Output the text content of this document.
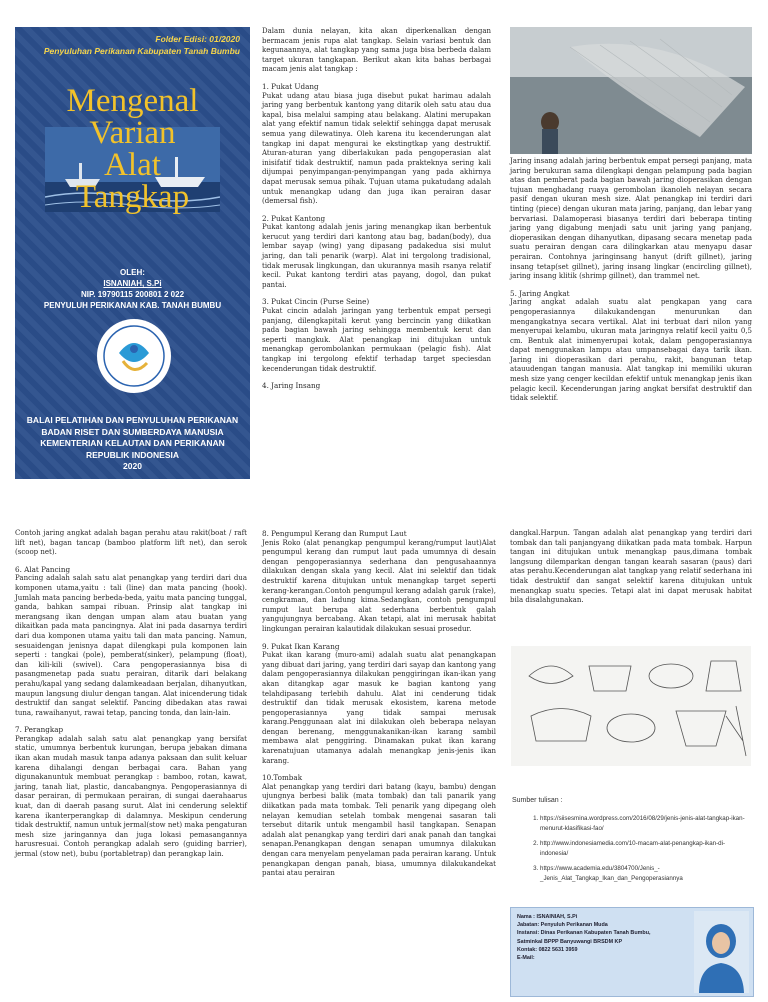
Folder Edisi: 01/2020
Penyuluhan Perikanan Kabupaten Tanah Bumbu
Mengenal
Varian
Alat
Tangkap
OLEH:
ISNANIAH, S.Pi
NIP. 19790115 200801 2 022
PENYULUH PERIKANAN KAB. TANAH BUMBU
BALAI PELATIHAN DAN PENYULUHAN PERIKANAN
BADAN RISET DAN SUMBERDAYA MANUSIA
KEMENTERIAN KELAUTAN DAN PERIKANAN
REPUBLIK INDONESIA
2020

Dalam dunia nelayan, kita akan diperkenalkan dengan bermacam jenis rupa alat tangkap. Selain variasi bentuk dan kegunaannya, alat tangkap yang sama juga bisa berbeda dalam target ukuran tangkapan. Berikut akan kita bahas berbagai macam jenis alat tangkap :

1. Pukat Udang

Pukat udang atau biasa juga disebut pukat harimau adalah jaring yang berbentuk kantong yang ditarik oleh satu atau dua kapal, bisa melalui samping atau belakang. Alatini merupakan alat yang efektif namun tidak selektif sehingga dapat merusak semua yang dilewatinya. Oleh karena itu kecenderungan alat tangkap ini dapat mengurai ke ekstingtkap yang destruktif. Aturan-aturan yang diberlakukan pada pengoperasian alat inisifatif tidak destruktif, namun pada prakteknya sering kali dijumpai penyimpangan-penyimpangan yang pada akhirnya dapat merusak semua pihak. Tujuan utama pukatudang adalah untuk menangkap udang dan juga ikan perairan dasar (demersal fish).

2. Pukat Kantong

Pukat kantong adalah jenis jaring menangkap ikan berbentuk kerucut yang terdiri dari kantong atau bag, badan(body), dua lembar sayap (wing) yang dipasang padakedua sisi mulut jaring, dan tali penarik (warp). Alat ini tergolong tradisional, tidak merusak lingkungan, dan ukurannya masih rsanya relatif kecil. Pukat kantong terdiri atas payang, dogol, dan pukat pantai.

3. Pukat Cincin (Purse Seine)

Pukat cincin adalah jaringan yang terbentuk empat persegi panjang, dilengkapitali kerut yang bercincin yang diikatkan pada bagian bawah jaring sehingga membentuk kerut dan seperti mangkuk. Alat penangkap ini ditujukan untuk menangkap gerombolankan permukaan (pelagic fish). Alat tangkap ini tergolong efektif terhadap target speciesdan kecenderungan tidak destruktif.

4. Jaring Insang

Jaring insang adalah jaring berbentuk empat persegi panjang, mata jaring berukuran sama dilengkapi dengan pelampung pada bagian atas dan pemberat pada bagian bawah jaring dioperasikan dengan tujuan menghadang ruaya gerombolan ikanoleh nelayan secara pasif dengan ukuran mesh size. Alat penangkap ini terdiri dari tinting (piece) dengan ukuran mata jaring, panjang, dan lebar yang bervariasi. Dalamoperasi biasanya terdiri dari beberapa tinting jaring yang digabung menjadi satu unit jaring yang panjang, dioperasikan dengan dihanyutkan, dipasang secara menetap pada suatu perairan dengan cara dilingkarkan atau menyapu dasar perairan. Contohnya jaringinsang hanyut (drift gillnet), jaring insang tetap(set gillnet), jaring insang lingkar (encircling gillnet), jaring insang klitik (shrimp gillnet), dan trammel net.

5. Jaring Angkat

Jaring angkat adalah suatu alat pengkapan yang cara pengoperasiannya dilakukandengan menurunkan dan mengangkatnya secara vertikal. Alat ini terbuat dari nilon yang menyerupai kelambu, ukuran mata jaringnya relatif kecil yaitu 0,5 cm. Bentuk alat inimenyerupai kotak, dalam pengoperasiannya dapat menggunakan lampu atau umpansebagai daya tarik ikan. Jaring ini dioperasikan dari perahu, rakit, bangunan tetap atauudengan tangan manusia. Alat tangkap ini memiliki ukuran mesh size yang cenger kecildan efektif untuk menangkap jenis ikan pelagic kecil. Kecenderungan jaring angkat bersifat destruktif dan tidak selektif.

Contoh jaring angkat adalah bagan perahu atau rakit(boat / raft lift net), bagan tancap (bamboo platform lift net), dan serok (scoop net).

6. Alat Pancing

Pancing adalah salah satu alat penangkap yang terdiri dari dua komponen utama,yaitu : tali (line) dan mata pancing (hook). Jumlah mata pancing berbeda-beda, yaitu mata pancing tunggal, ganda, bahkan sampai ribuan. Prinsip alat tangkap ini merangsang ikan dengan umpan alam atau buatan yang dikaitkan pada mata pancingnya. Alat ini pada dasarnya terdiri dari dua komponen utama yaitu tali dan mata pancing. Namun, sesuaidengan jenisnya dapat dilengkapi pula komponen lain seperti : tangkai (pole), pemberat(sinker), pelampung (float), dan kili-kili (swivel). Cara pengoperasiannya bisa di pasangmenetap pada suatu perairan, ditarik dari belakang perahu/kapal yang sedang dalamkeadaan berjalan, dihanyutkan, maupun langsung diulur dengan tangan. Alat inicenderung tidak destruktif dan sangat selektif. Pancing dibedakan atas rawai tuna, rawaihanyut, rawai tetap, pancing tonda, dan lain-lain.

7. Perangkap

Perangkap adalah salah satu alat penangkap yang bersifat static, umumnya berbentuk kurungan, berupa jebakan dimana ikan akan mudah masuk tanpa adanya paksaan dan sulit keluar karena dihalangi dengan berbagai cara. Bahan yang digunakanuntuk membuat perangkap : bamboo, rotan, kawat, jaring, tanah liat, plastic, dancabangnya. Pengoperasiannya di dasar perairan, di permukaan perairan, di sungai daerahaarus kuat, dan di daerah pasang surut. Alat ini cenderung selektif karena ikanterperangkap di dalamnya. Meskipun cenderung tidak destruktif, namun untuk jermal(stow net) maka pengaturan mesh size jaringannya dan juga lokasi pemasangannya harusresuai. Contoh perangkap adalah sero (guiding barrier), jermal (stow net), bubu (portabletrap) dan perangkap lain.

8. Pengumpul Kerang dan Rumput Laut

Jenis Roko (alat penangkap pengumpul kerang/rumput laut)Alat pengumpul kerang dan rumput laut pada umumnya di desain dengan pengoperasiannya sederhana dan pengusahaannya dilakukan dengan skala yang kecil. Alat ini selektif dan tidak destruktif karena ditujukan untuk menangkap target seperti kerang-kerangan.Contoh pengumpul kerang adalah garuk (rake), cengkraman, dan ladung kima.Sedangkan, contoh pengumpul rumput laut berupa alat sederhana berbentuk galah yangujungnya bercabang. Akan tetapi, alat ini merusak habitat lingkungan perairan kalautidak dilakukan sesuai prosedur.

9. Pukat Ikan Karang

Pukat ikan karang (muro-ami) adalah suatu alat penangkapan yang dibuat dari jaring, yang terdiri dari sayap dan kantong yang dalam pengoperasiannya dilakukan penggiringan ikan-ikan yang akan ditangkap agar masuk ke bagian kantong yang telahdipasang terlebih dahulu. Alat ini cenderung tidak destruktif dan tidak merusak ekosistem, karena metode pengoperasiannya yang tidak sampai merusak karang.Penggunaan alat ini dilakukan oleh beberapa nelayan dengan berenang, menggunakanikan-ikan karang sambil membawa alat penggiring. Dinamakan pukat ikan karang karenatujuan utamanya adalah menangkap jenis-jenis ikan karang.

10.Tombak

Alat penangkap yang terdiri dari batang (kayu, bambu) dengan ujungnya berbesi balik (mata tombak) dan tali panarik yang diikatkan pada mata tombak. Teli penarik yang dipegang oleh nelayan kemudian setelah tombak mengenai sasaran tali tersebut ditarik untuk mengambil hasil tangkapan. Senapan adalah alat penangkap yang terdiri dari anak panah dan tangkai senapan.Penangkapan dengan senapan umumnya dilakukan dengan cara menyelam penyelaman pada perairan karang. Untuk penangkapan dengan panah, biasa, umumnya dilakukandekat pantai atau perairan

dangkal.Harpun. Tangan adalah alat penangkap yang terdiri dari tombak dan tali panjangyang diikatkan pada mata tombak. Harpun tangan ini ditujukan untuk menangkap paus,dimana tombak langsung dilemparkan dengan tangan kearah sasaran (paus) dari atas perahu.Kecenderungan alat tangkap yang relatif sederhana ini tidak destruktif dan sangat selektif karena ditujukan untuk menangkap suatu species. Tetapi alat ini dapat merusak habitat bila disalahgunakan.

Sumber tulisan :
1. https://siisesmina.wordpress.com/2016/08/29/jenis-jenis-alat-tangkap-ikan-menurut-klasifikasi-fao/
2. http://www.indonesiamedia.com/10-macam-alat-penangkap-ikan-di-indonesia/
3. https://www.academia.edu/3804700/Jenis_-_Jenis_Alat_Tangkap_Ikan_dan_Pengoperasiannya
Nama : ISNAINIAH, S.Pi
Jabatan: Penyuluh Perikanan Muda
Instansi: Dinas Perikanan Kabupaten Tanah Bumbu,
Satminkal BPPP Banyuwangi BRSDM KP
Kontak: 0822 5631 3959
E-Mail:
